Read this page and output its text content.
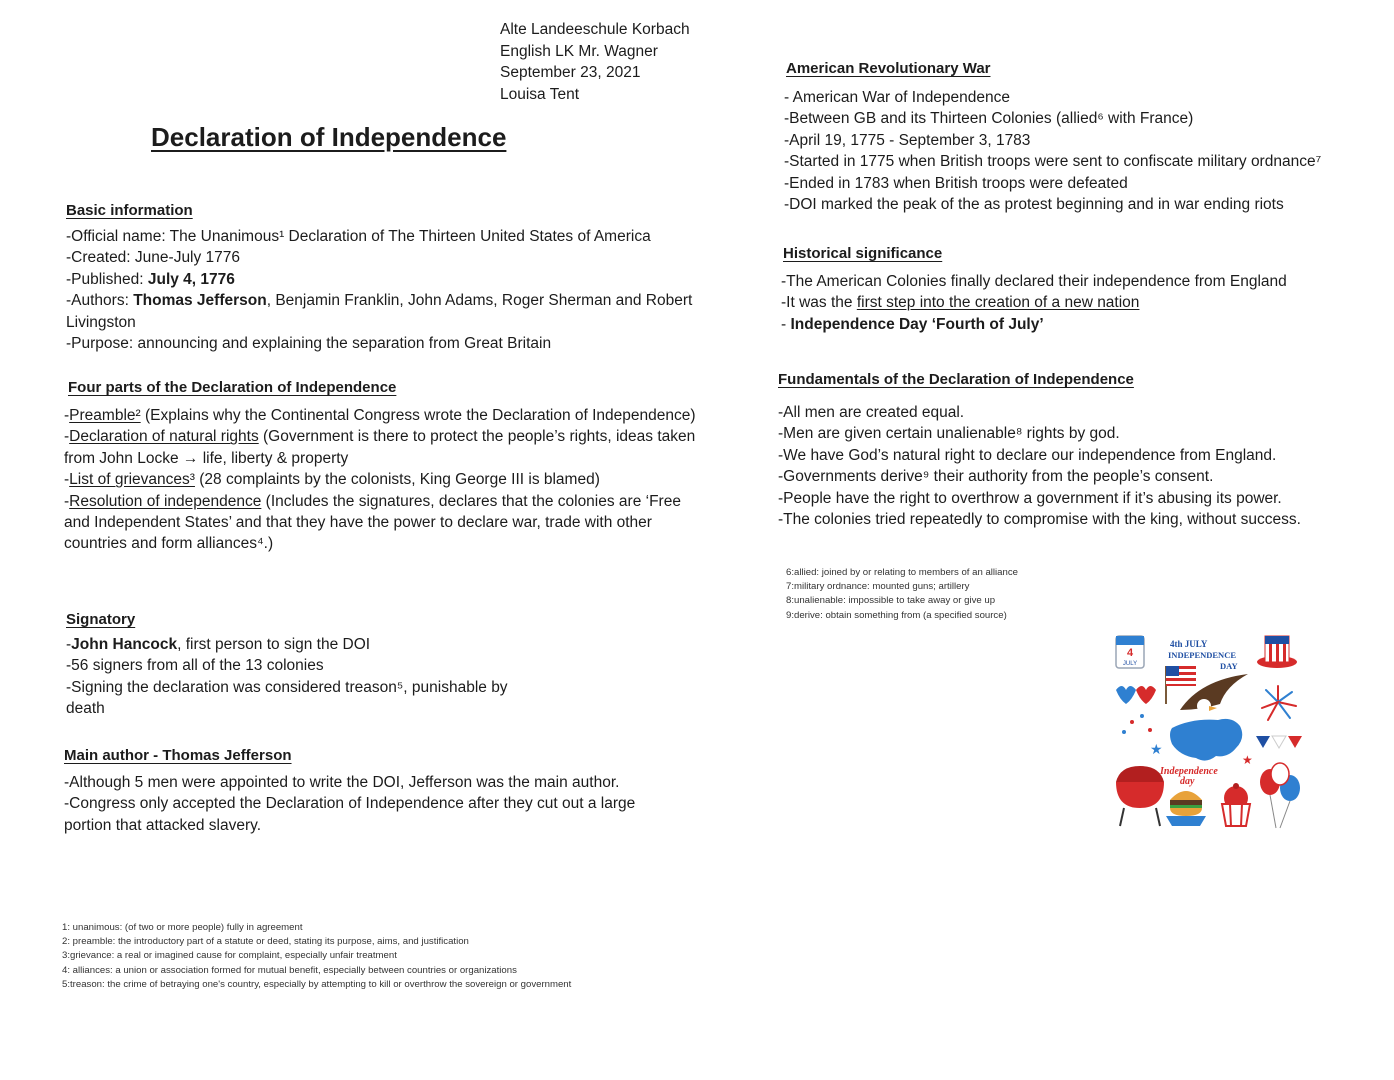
Alte Landeeschule Korbach
English LK Mr. Wagner
September 23, 2021
Louisa Tent
Declaration of Independence
Basic information
-Official name: The Unanimous¹ Declaration of The Thirteen United States of America
-Created: June-July 1776
-Published: July 4, 1776
-Authors: Thomas Jefferson, Benjamin Franklin, John Adams, Roger Sherman and Robert Livingston
-Purpose: announcing and explaining the separation from Great Britain
Four parts of the Declaration of Independence
-Preamble² (Explains why the Continental Congress wrote the Declaration of Independence)
-Declaration of natural rights (Government is there to protect the people’s rights, ideas taken from John Locke → life, liberty & property
-List of grievances³ (28 complaints by the colonists, King George III is blamed)
-Resolution of independence (Includes the signatures, declares that the colonies are ‘Free and Independent States’ and that they have the power to declare war, trade with other countries and form alliances⁴.)
Signatory
-John Hancock, first person to sign the DOI
-56 signers from all of the 13 colonies
-Signing the declaration was considered treason⁵, punishable by death
Main author - Thomas Jefferson
-Although 5 men were appointed to write the DOI, Jefferson was the main author.
-Congress only accepted the Declaration of Independence after they cut out a large portion that attacked slavery.
1: unanimous: (of two or more people) fully in agreement
2: preamble: the introductory part of a statute or deed, stating its purpose, aims, and justification
3:grievance: a real or imagined cause for complaint, especially unfair treatment
4: alliances: a union or association formed for mutual benefit, especially between countries or organizations
5:treason: the crime of betraying one's country, especially by attempting to kill or overthrow the sovereign or government
American Revolutionary War
- American War of Independence
-Between GB and its Thirteen Colonies (allied⁶ with France)
-April 19, 1775 - September 3, 1783
-Started in 1775 when British troops were sent to confiscate military ordnance⁷
-Ended in 1783 when British troops were defeated
-DOI marked the peak of the as protest beginning and in war ending riots
Historical significance
-The American Colonies finally declared their independence from England
-It was the first step into the creation of a new nation
- Independence Day ‘Fourth of July’
Fundamentals of the Declaration of Independence
-All men are created equal.
-Men are given certain unalienable⁸ rights by god.
-We have God’s natural right to declare our independence from England.
-Governments derive⁹ their authority from the people’s consent.
-People have the right to overthrow a government if it’s abusing its power.
-The colonies tried repeatedly to compromise with the king, without success.
6:allied: joined by or relating to members of an alliance
7:military ordnance: mounted guns; artillery
8:unalienable: impossible to take away or give up
9:derive: obtain something from (a specified source)
4
JULY
4th JULY
INDEPENDENCE
DAY
★
★
Independence
day
